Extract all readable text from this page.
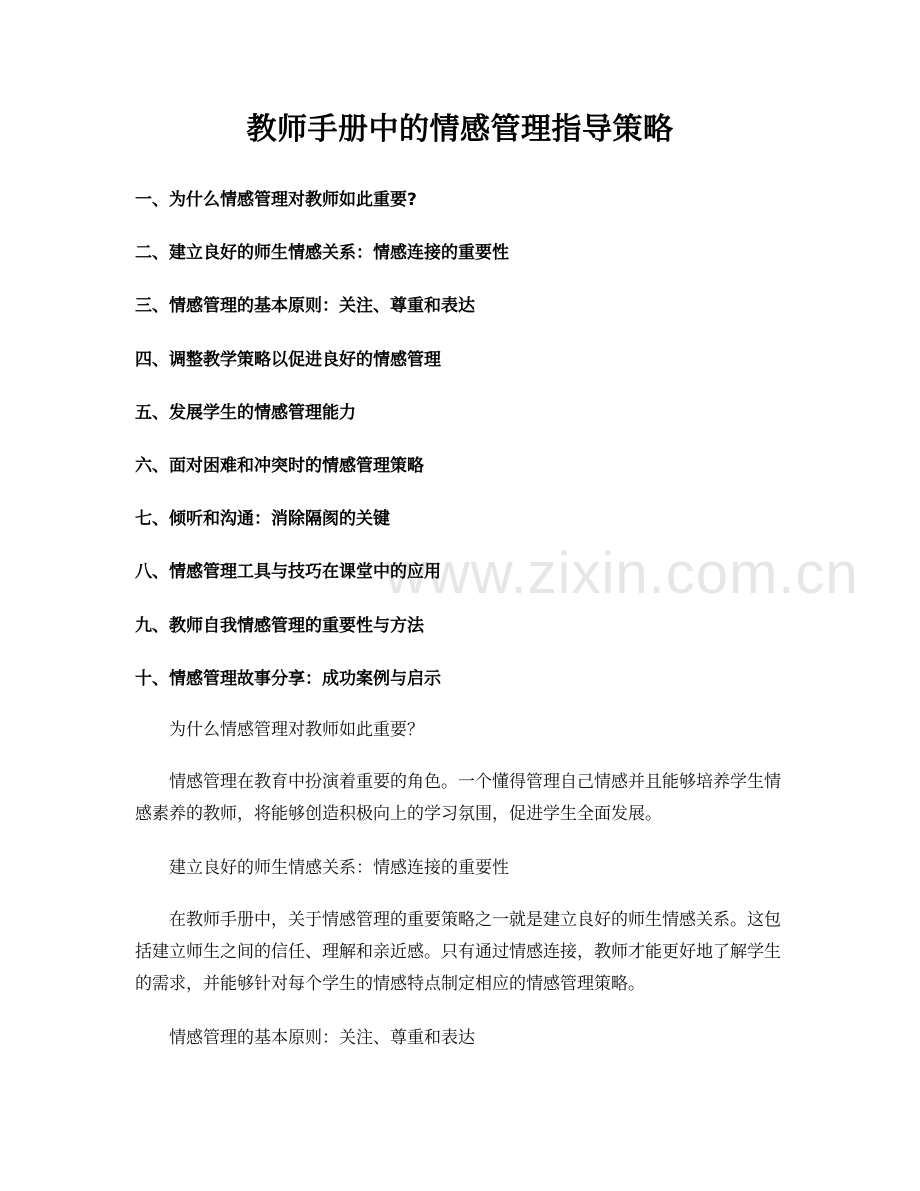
www.zixin.com.cn
教师手册中的情感管理指导策略
一、为什么情感管理对教师如此重要?
二、建立良好的师生情感关系：情感连接的重要性
三、情感管理的基本原则：关注、尊重和表达
四、调整教学策略以促进良好的情感管理
五、发展学生的情感管理能力
六、面对困难和冲突时的情感管理策略
七、倾听和沟通：消除隔阂的关键
八、情感管理工具与技巧在课堂中的应用
九、教师自我情感管理的重要性与方法
十、情感管理故事分享：成功案例与启示

为什么情感管理对教师如此重要？

情感管理在教育中扮演着重要的角色。一个懂得管理自己情感并且能够培养学生情感素养的教师，将能够创造积极向上的学习氛围，促进学生全面发展。

建立良好的师生情感关系：情感连接的重要性

在教师手册中，关于情感管理的重要策略之一就是建立良好的师生情感关系。这包括建立师生之间的信任、理解和亲近感。只有通过情感连接，教师才能更好地了解学生的需求，并能够针对每个学生的情感特点制定相应的情感管理策略。

情感管理的基本原则：关注、尊重和表达
